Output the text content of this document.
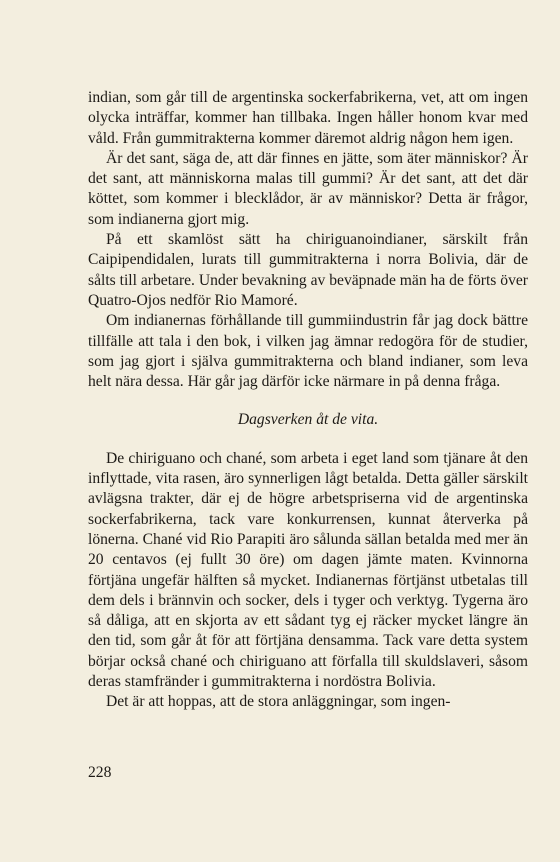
indian, som går till de argentinska sockerfabrikerna, vet, att om ingen olycka inträffar, kommer han tillbaka. Ingen håller honom kvar med våld. Från gummitrakterna kommer däremot aldrig någon hem igen.

Är det sant, säga de, att där finnes en jätte, som äter människor? Är det sant, att människorna malas till gummi? Är det sant, att det där köttet, som kommer i blecklådor, är av människor? Detta är frågor, som indianerna gjort mig.

På ett skamlöst sätt ha chiriguanoindianer, särskilt från Caipipendidalen, lurats till gummitrakterna i norra Bolivia, där de sålts till arbetare. Under bevakning av beväpnade män ha de förts över Quatro-Ojos nedför Rio Mamoré.

Om indianernas förhållande till gummiindustrin får jag dock bättre tillfälle att tala i den bok, i vilken jag ämnar redogöra för de studier, som jag gjort i själva gummitrakterna och bland indianer, som leva helt nära dessa. Här går jag därför icke närmare in på denna fråga.

Dagsverken åt de vita.

De chiriguano och chané, som arbeta i eget land som tjänare åt den inflyttade, vita rasen, äro synnerligen lågt betalda. Detta gäller särskilt avlägsna trakter, där ej de högre arbetspriserna vid de argentinska sockerfabrikerna, tack vare konkurrensen, kunnat återverka på lönerna. Chané vid Rio Parapiti äro sålunda sällan betalda med mer än 20 centavos (ej fullt 30 öre) om dagen jämte maten. Kvinnorna förtjäna ungefär hälften så mycket. Indianernas förtjänst utbetalas till dem dels i brännvin och socker, dels i tyger och verktyg. Tygerna äro så dåliga, att en skjorta av ett sådant tyg ej räcker mycket längre än den tid, som går åt för att förtjäna densamma. Tack vare detta system börjar också chané och chiriguano att förfalla till skuldslaveri, såsom deras stamfränder i gummitrakterna i nordöstra Bolivia.

Det är att hoppas, att de stora anläggningar, som ingen-

228
